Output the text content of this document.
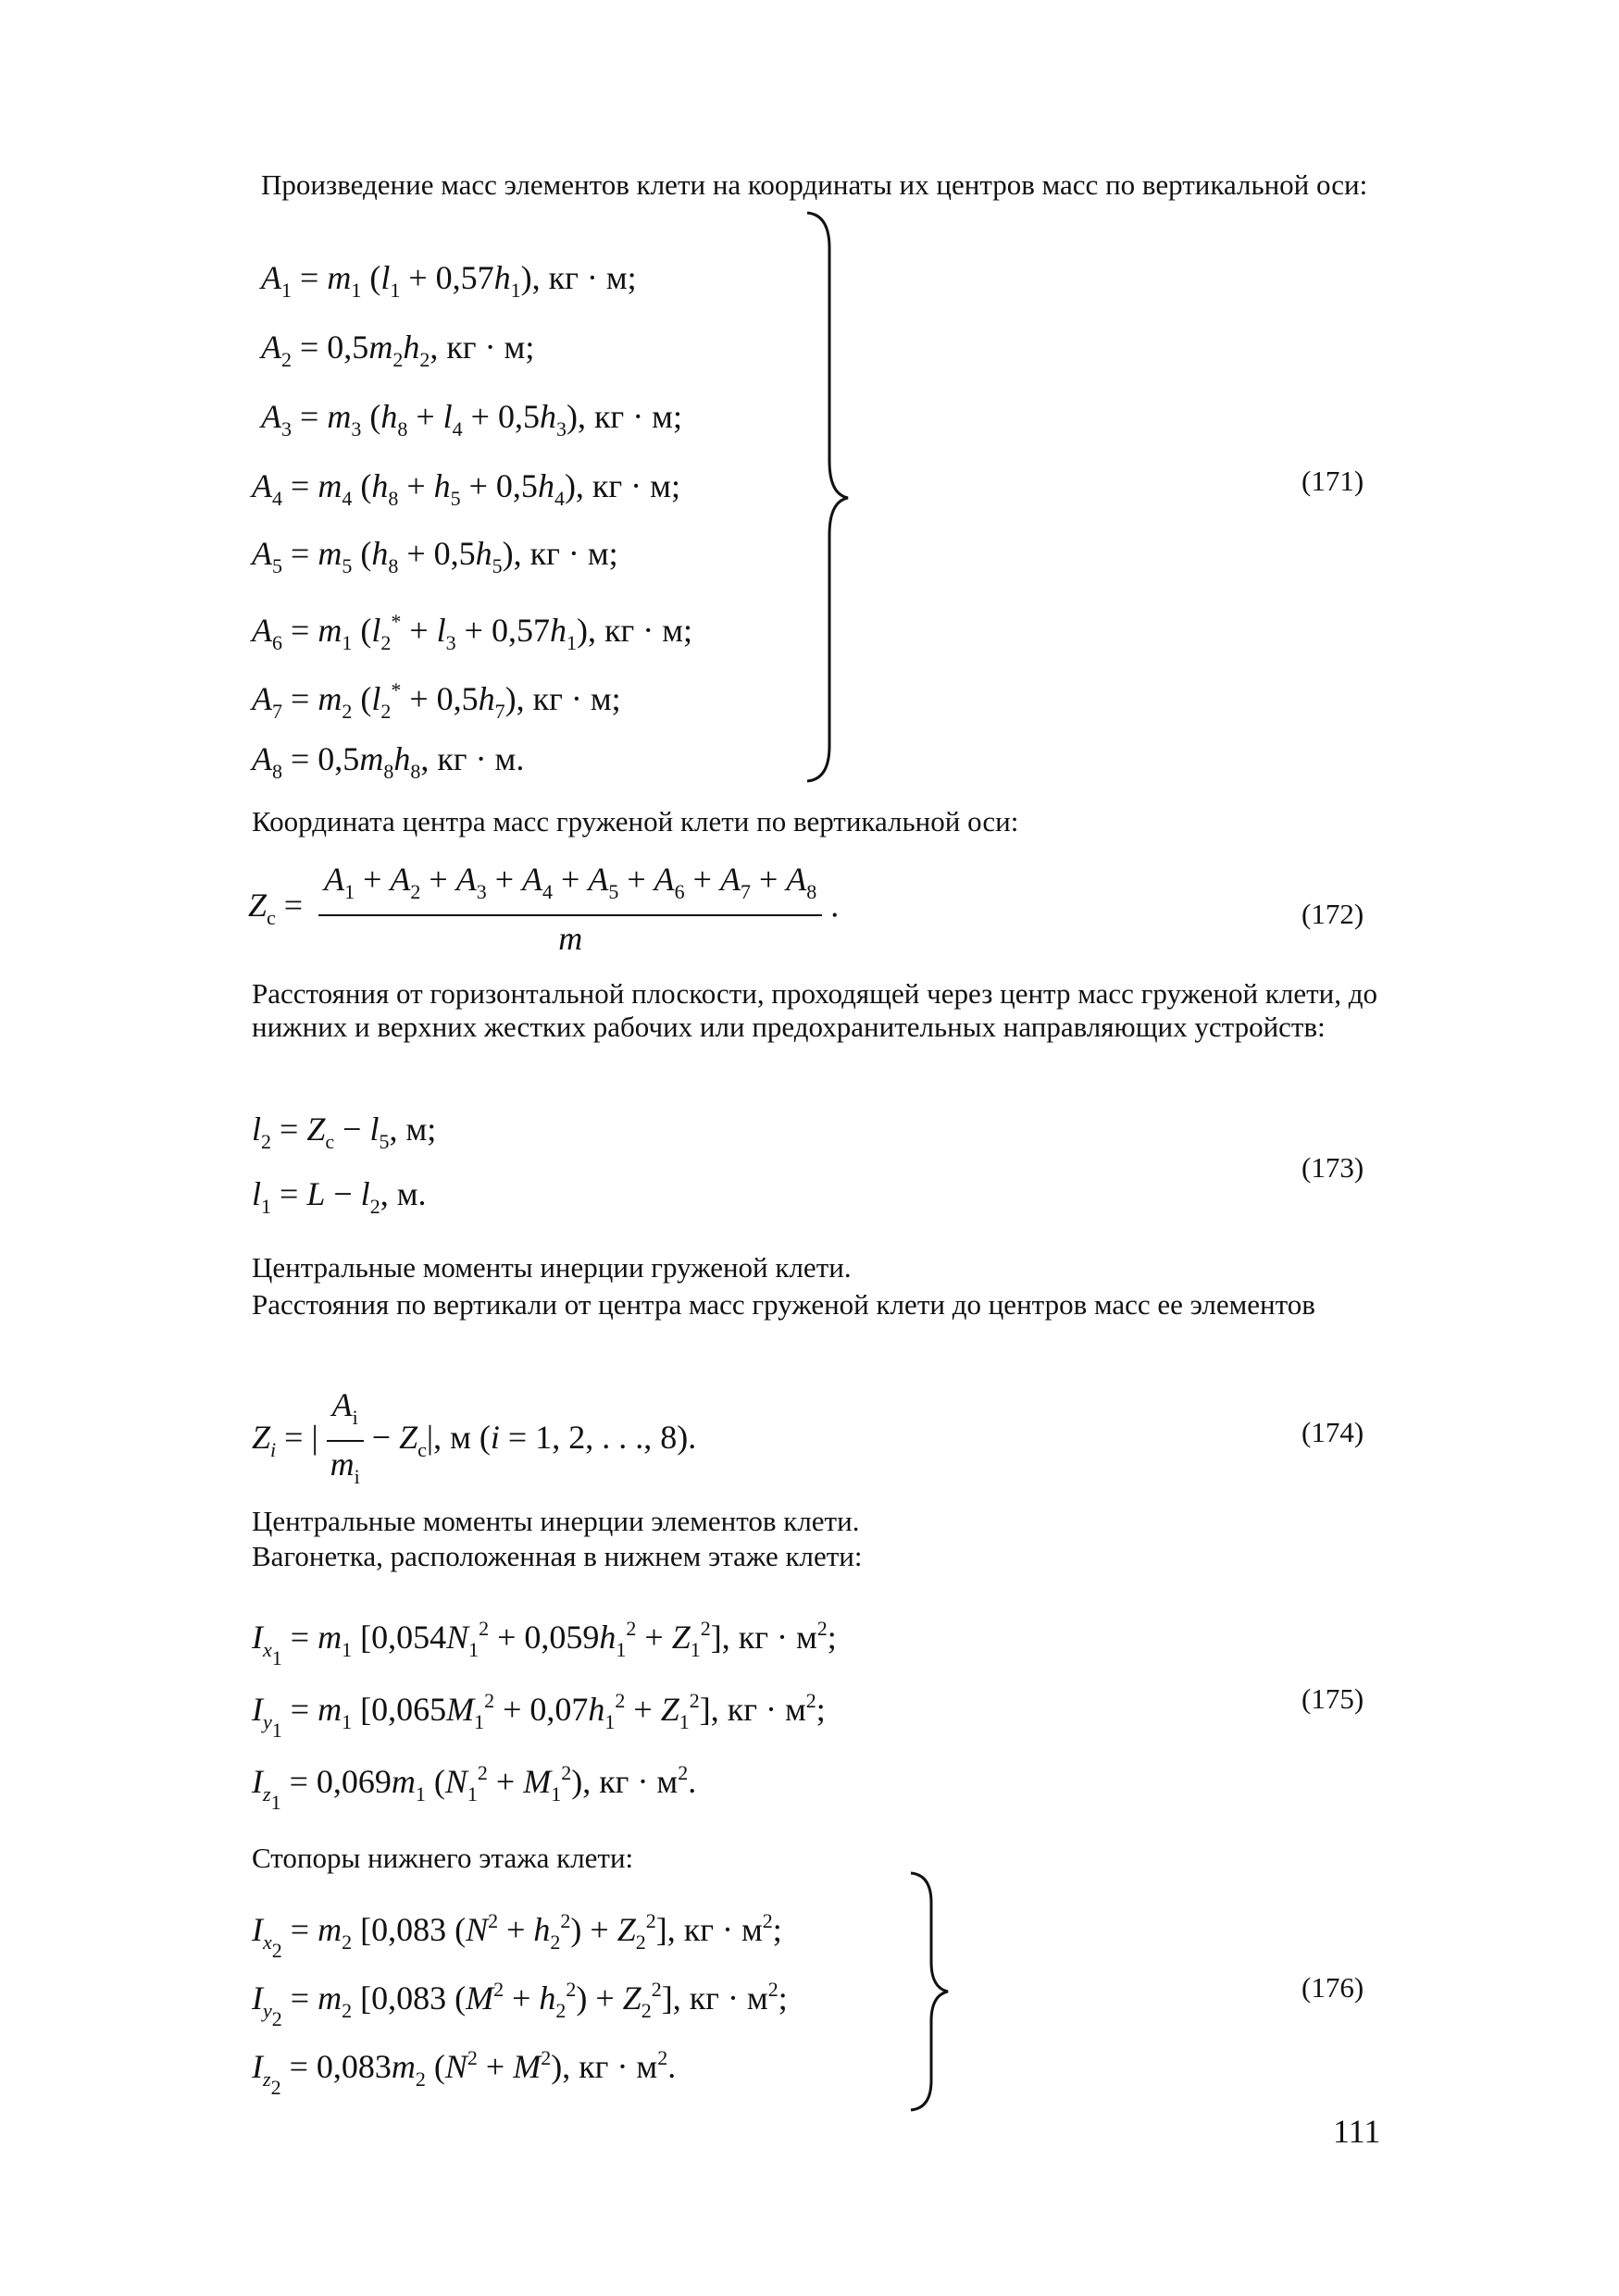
Произведение масс элементов клети на координаты их центров масс по вертикальной оси:

$A_1 = m_1$ $(l_1 + 0,57h_1)$, кг · м;
$A_2 = 0,5m_2h_2$, кг · м;
$A_3 = m_3$ $(h_8 + l_4 + 0,5h_3)$, кг · м;
$A_4 = m_4$ $(h_8 + h_5 + 0,5h_4)$, кг · м;
$A_5 = m_5$ $(h_8 + 0,5h_5)$, кг · м;
$A_6 = m_1$ $(l_2^* + l_3 + 0,57h_1)$, кг · м;
$A_7 = m_2$ $(l_2^* + 0,5h_7)$, кг · м;
$A_8 = 0,5m_8h_8$, кг · м.
(171)

Координата центра масс груженой клети по вертикальной оси:

$Z_c = \frac{A_1 + A_2 + A_3 + A_4 + A_5 + A_6 + A_7 + A_8}{m}$ .	(172)

Расстояния от горизонтальной плоскости, проходящей через центр масс груженой клети, до нижних и верхних жестких рабочих или предохранительных направляющих устройств:

$l_2 = Z_c - l_5$, м;
$l_1 = L - l_2$, м.
(173)

Центральные моменты инерции груженой клети.

Расстояния по вертикали от центра масс груженой клети до центров масс ее элементов

$Z_i$ = | $\frac{A_i}{m_i} - Z_c|$, м (i = 1, 2, . . ., 8).	(174)

Центральные моменты инерции элементов клети.

Вагонетка, расположенная в нижнем этаже клети:

$I_{x_1} = m_1$ $[0,054N_1^2 + 0,059h_1^2 + Z_1^2]$, кг · $м^2$;
$I_{y_1} = m_1$ $[0,065M_1^2 + 0,07h_1^2 + Z_1^2]$, кг · $м^2$;
$I_{z_1} = 0,069m_1$ $(N_1^2 + M_1^2)$, кг · $м^2$.
(175)

Стопоры нижнего этажа клети:

$I_{x_2} = m_2$ [0,083 $(N^2 + h_2^2) + Z_2^2$], кг · $м^2$;
$I_{y_2} = m_2$ [0,083 $(M^2 + h_2^2) + Z_2^2$], кг · $м^2$;
$I_{z_2} = 0,083m_2$ $(N^2 + M^2)$, кг · $м^2$.
(176)
111
